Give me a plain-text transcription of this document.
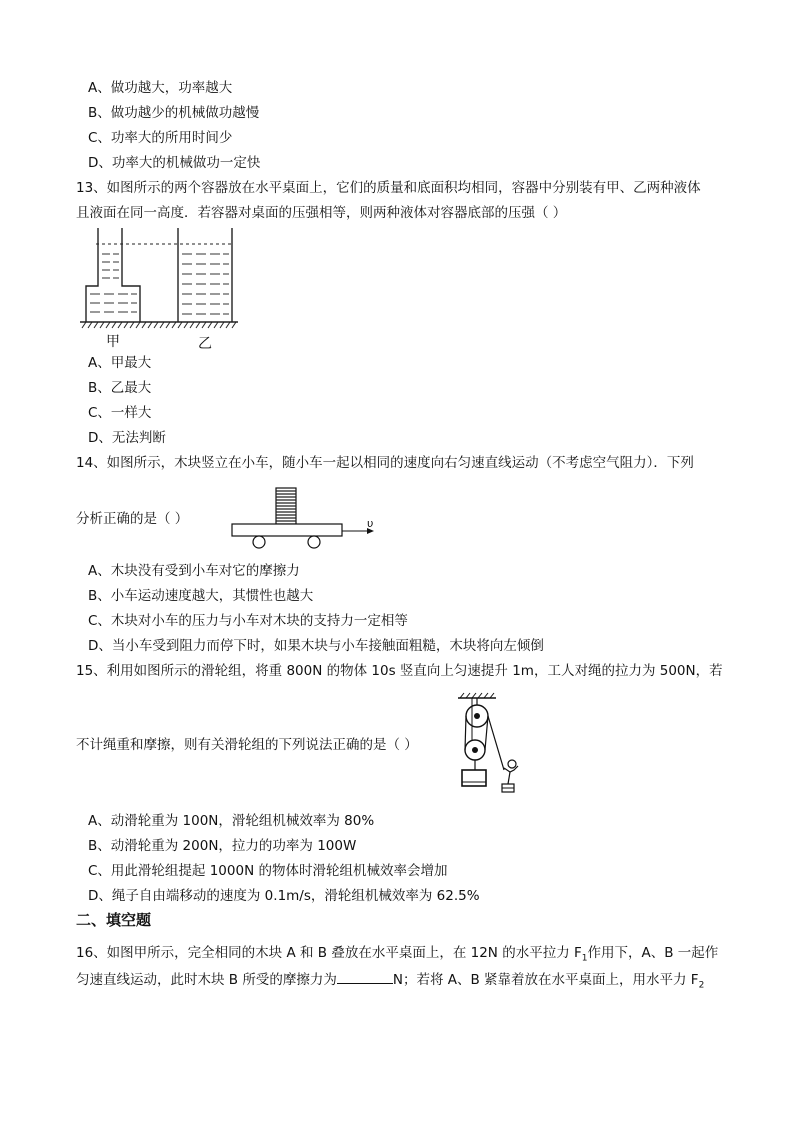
A、做功越大，功率越大
B、做功越少的机械做功越慢
C、功率大的所用时间少
D、功率大的机械做功一定快
13、如图所示的两个容器放在水平桌面上，它们的质量和底面积均相同，容器中分别装有甲、乙两种液体
且液面在同一高度．若容器对桌面的压强相等，则两种液体对容器底部的压强（ ）
甲	乙
A、甲最大
B、乙最大
C、一样大
D、无法判断
14、如图所示，木块竖立在小车，随小车一起以相同的速度向右匀速直线运动（不考虑空气阻力）．下列
分析正确的是（ ）	υ
A、木块没有受到小车对它的摩擦力
B、小车运动速度越大，其惯性也越大
C、木块对小车的压力与小车对木块的支持力一定相等
D、当小车受到阻力而停下时，如果木块与小车接触面粗糙，木块将向左倾倒
15、利用如图所示的滑轮组，将重 800N 的物体 10s 竖直向上匀速提升 1m，工人对绳的拉力为 500N，若
不计绳重和摩擦，则有关滑轮组的下列说法正确的是（ ）
A、动滑轮重为 100N，滑轮组机械效率为 80%
B、动滑轮重为 200N，拉力的功率为 100W
C、用此滑轮组提起 1000N 的物体时滑轮组机械效率会增加
D、绳子自由端移动的速度为 0.1m/s，滑轮组机械效率为 62.5%
二、填空题
16、如图甲所示，完全相同的木块 A 和 B 叠放在水平桌面上，在 12N 的水平拉力 $F_1$作用下，A、B 一起作
匀速直线运动，此时木块 B 所受的摩擦力为	N；若将 A、B 紧靠着放在水平桌面上，用水平力 $F_2$
